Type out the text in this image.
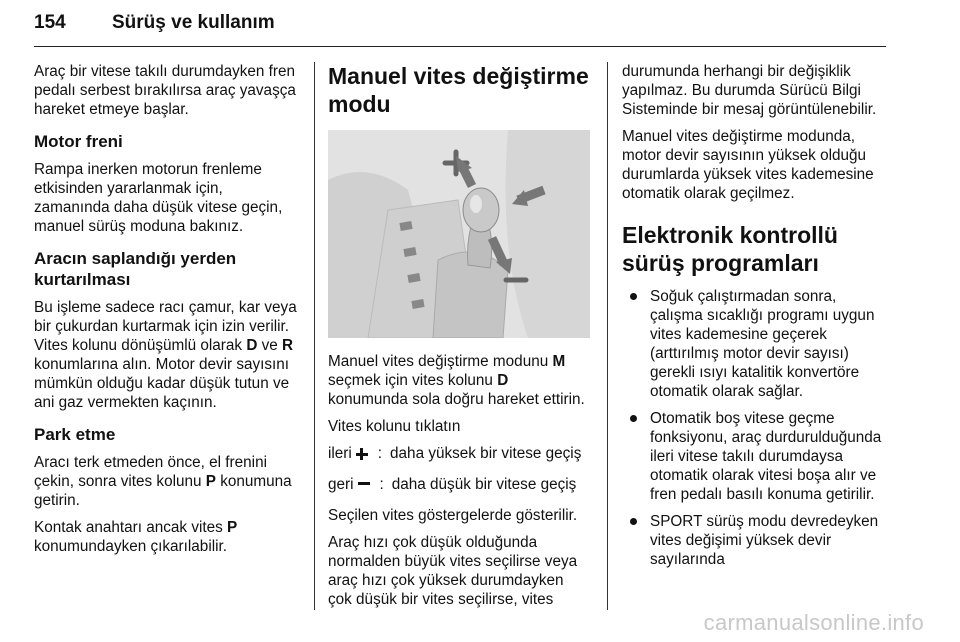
154 Sürüş ve kullanım

Araç bir vitese takılı durumdayken fren pedalı serbest bırakılırsa araç yavaşça hareket etmeye başlar.

Motor freni

Rampa inerken motorun frenleme etkisinden yararlanmak için, zamanında daha düşük vitese geçin, manuel sürüş moduna bakınız.

Aracın saplandığı yerden kurtarılması

Bu işleme sadece racı çamur, kar veya bir çukurdan kurtarmak için izin verilir. Vites kolunu dönüşümlü olarak D ve R konumlarına alın. Motor devir sayısını mümkün olduğu kadar düşük tutun ve ani gaz vermekten kaçının.

Park etme

Aracı terk etmeden önce, el frenini çekin, sonra vites kolunu P konumuna getirin.

Kontak anahtarı ancak vites P konumundayken çıkarılabilir.

Manuel vites değiştirme modu

Manuel vites değiştirme modunu M seçmek için vites kolunu D konumunda sola doğru hareket ettirin.

Vites kolunu tıklatın

ileri : daha yüksek bir vitese geçiş
geri : daha düşük bir vitese geçiş

Seçilen vites göstergelerde gösterilir.

Araç hızı çok düşük olduğunda normalden büyük vites seçilirse veya araç hızı çok yüksek durumdayken çok düşük bir vites seçilirse, vites

durumunda herhangi bir değişiklik yapılmaz. Bu durumda Sürücü Bilgi Sisteminde bir mesaj görüntülenebilir.

Manuel vites değiştirme modunda, motor devir sayısının yüksek olduğu durumlarda yüksek vites kademesine otomatik olarak geçilmez.

Elektronik kontrollü sürüş programları
Soğuk çalıştırmadan sonra, çalışma sıcaklığı programı uygun vites kademesine geçerek (arttırılmış motor devir sayısı) gerekli ısıyı katalitik konvertöre otomatik olarak sağlar.
Otomatik boş vitese geçme fonksiyonu, araç durdurulduğunda ileri vitese takılı durumdaysa otomatik olarak vitesi boşa alır ve fren pedalı basılı konuma getirilir.
SPORT sürüş modu devredeyken vites değişimi yüksek devir sayılarında
carmanualsonline.info
